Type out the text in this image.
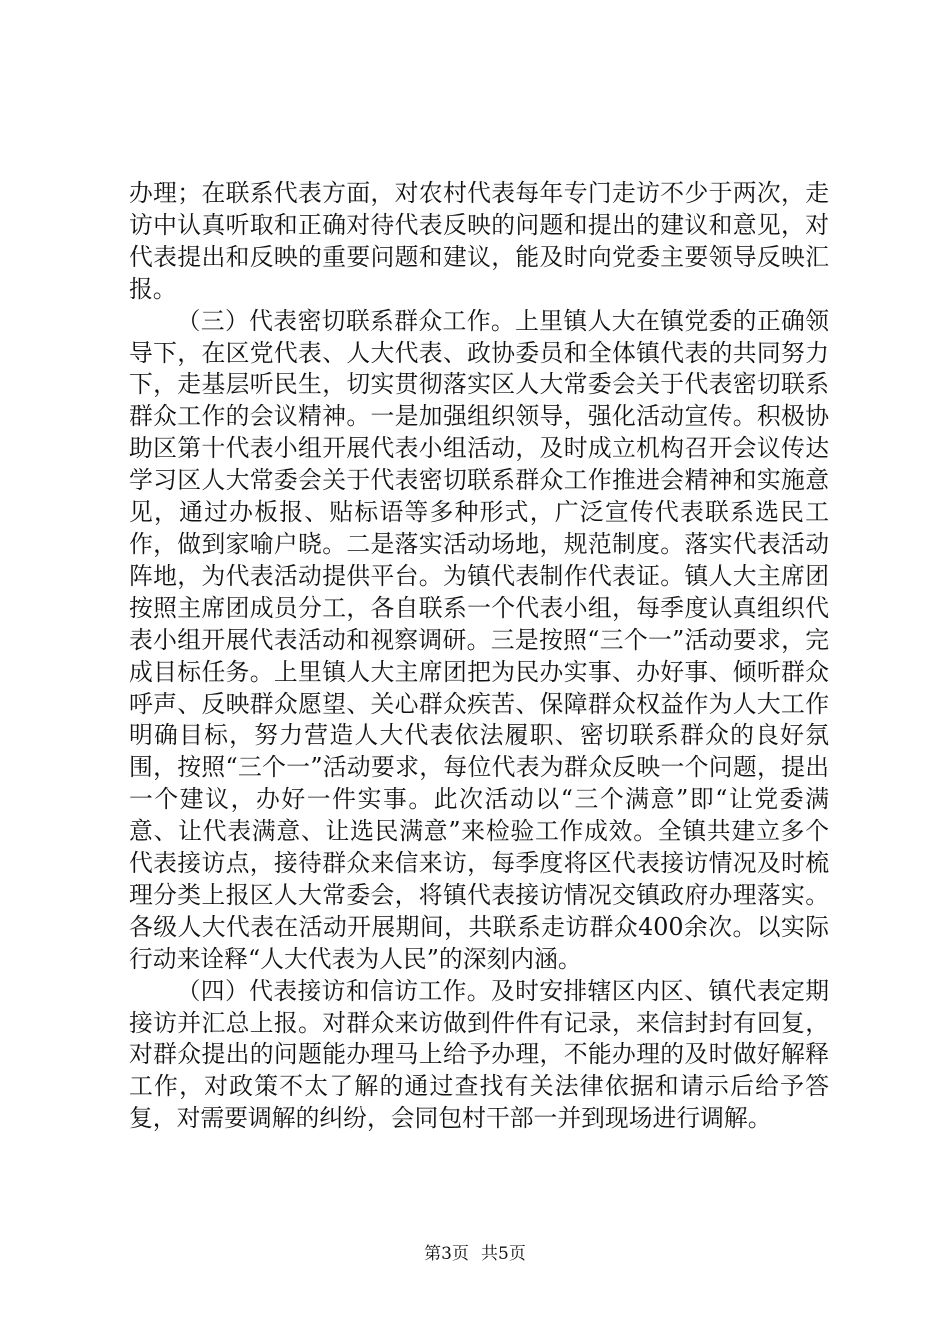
办理；在联系代表方面，对农村代表每年专门走访不少于两次，走访中认真听取和正确对待代表反映的问题和提出的建议和意见，对代表提出和反映的重要问题和建议，能及时向党委主要领导反映汇报。

（三）代表密切联系群众工作。上里镇人大在镇党委的正确领导下，在区党代表、人大代表、政协委员和全体镇代表的共同努力下，走基层听民生，切实贯彻落实区人大常委会关于代表密切联系群众工作的会议精神。一是加强组织领导，强化活动宣传。积极协助区第十代表小组开展代表小组活动，及时成立机构召开会议传达学习区人大常委会关于代表密切联系群众工作推进会精神和实施意见，通过办板报、贴标语等多种形式，广泛宣传代表联系选民工作，做到家喻户晓。二是落实活动场地，规范制度。落实代表活动阵地，为代表活动提供平台。为镇代表制作代表证。镇人大主席团按照主席团成员分工，各自联系一个代表小组，每季度认真组织代表小组开展代表活动和视察调研。三是按照“三个一”活动要求，完成目标任务。上里镇人大主席团把为民办实事、办好事、倾听群众呼声、反映群众愿望、关心群众疾苦、保障群众权益作为人大工作明确目标，努力营造人大代表依法履职、密切联系群众的良好氛围，按照“三个一”活动要求，每位代表为群众反映一个问题，提出一个建议，办好一件实事。此次活动以“三个满意”即“让党委满意、让代表满意、让选民满意”来检验工作成效。全镇共建立多个代表接访点，接待群众来信来访，每季度将区代表接访情况及时梳理分类上报区人大常委会，将镇代表接访情况交镇政府办理落实。各级人大代表在活动开展期间，共联系走访群众400余次。以实际行动来诠释“人大代表为人民”的深刻内涵。

（四）代表接访和信访工作。及时安排辖区内区、镇代表定期接访并汇总上报。对群众来访做到件件有记录，来信封封有回复，对群众提出的问题能办理马上给予办理，不能办理的及时做好解释工作，对政策不太了解的通过查找有关法律依据和请示后给予答复，对需要调解的纠纷，会同包村干部一并到现场进行调解。

第3页 共5页
